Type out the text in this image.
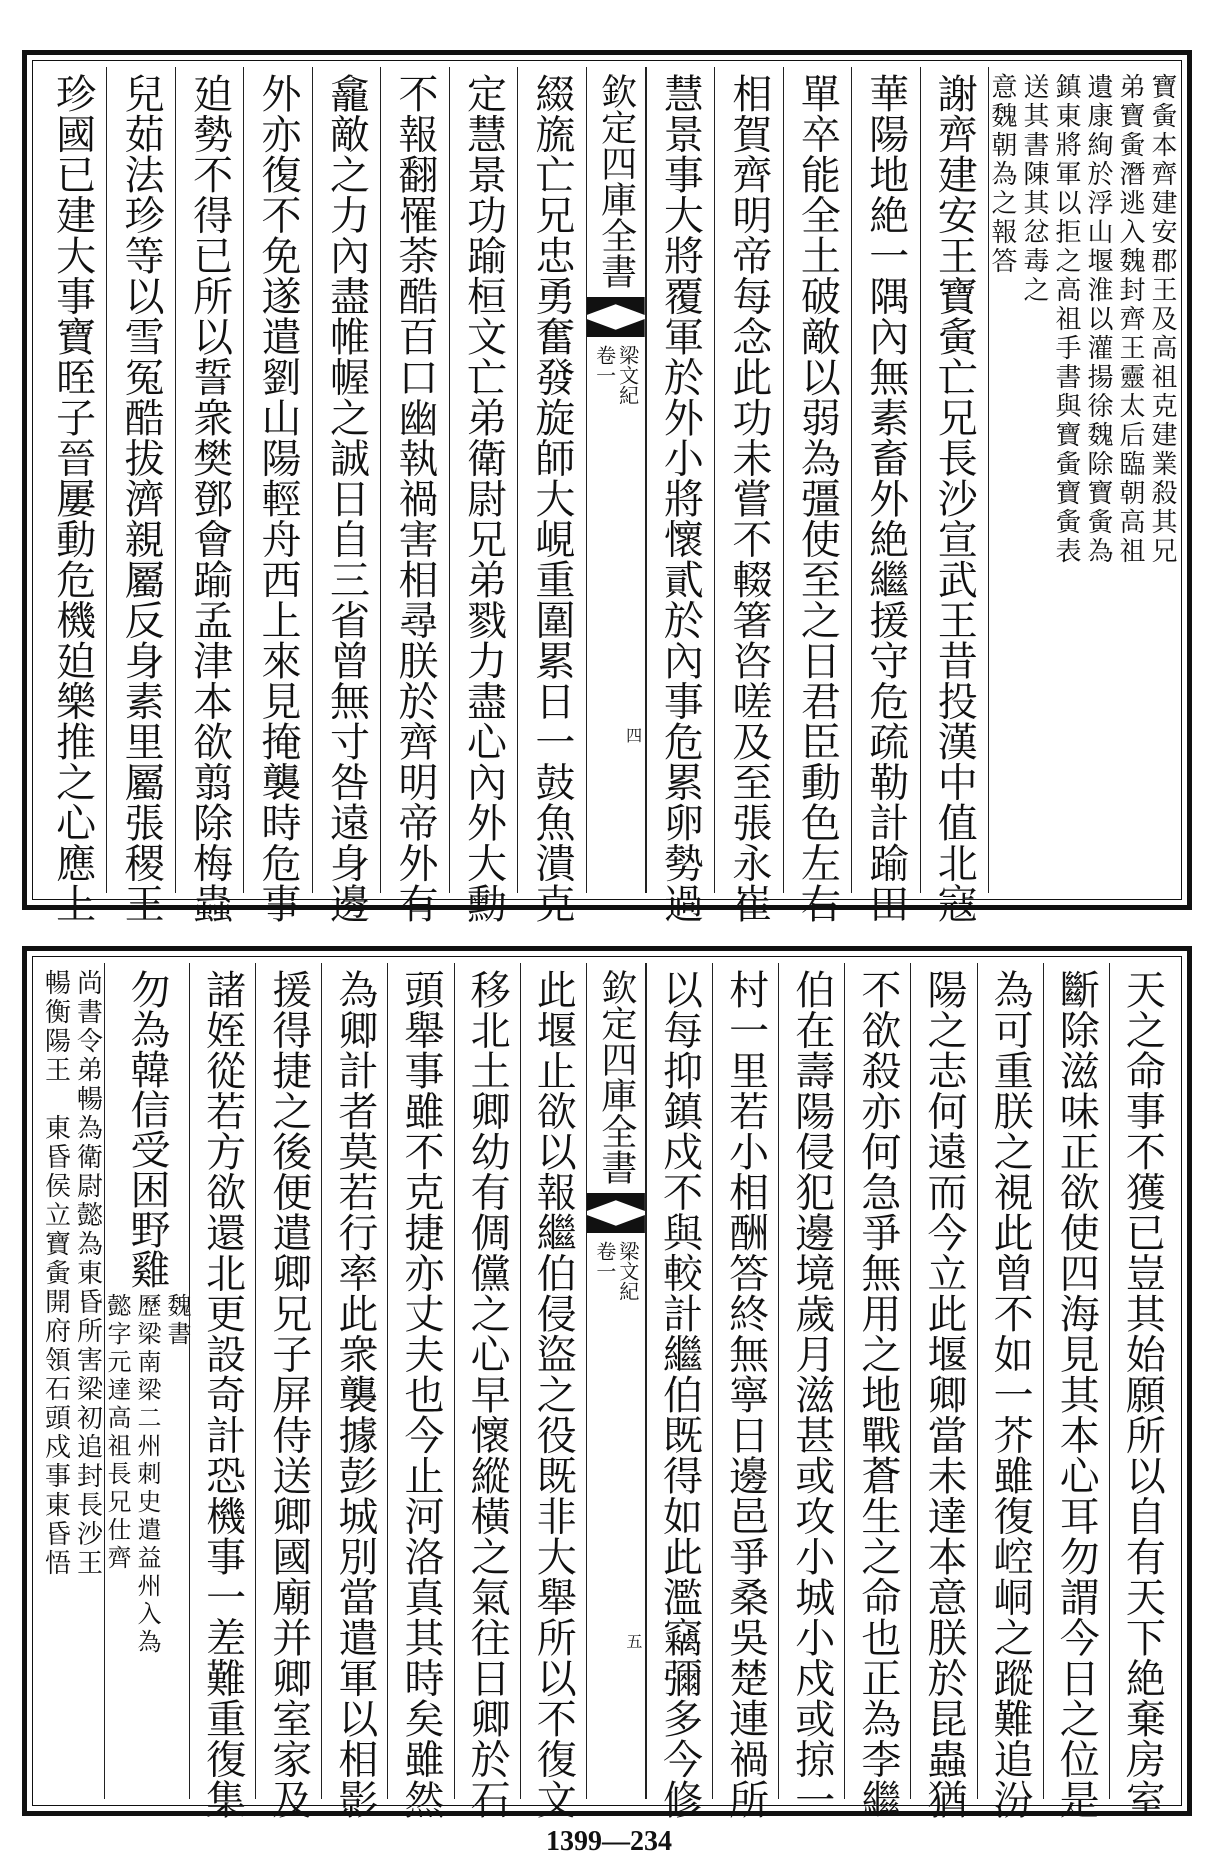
寶夤本齊建安郡王及高祖克建業殺其兄
弟寶夤潛逃入魏封齊王靈太后臨朝高祖
遺康絢於浮山堰淮以灌揚徐魏除寶夤為
鎮東將軍以拒之高祖手書與寶夤寶夤表
送其書陳其忿毒之
意魏朝為之報答
謝齊建安王寶夤亡兄長沙宣武王昔投漢中值北寇
華陽地絶一隅內無素畜外絶繼援守危疏勒計踰田
單卒能全土破敵以弱為彊使至之日君臣動色左右
相賀齊明帝每念此功未嘗不輟箸咨嗟及至張永崔
慧景事大將覆軍於外小將懷貳於內事危累卵勢過
欽定四庫全書
梁文紀
卷一
四
綴旒亡兄忠勇奮發旋師大峴重圍累日一鼓魚潰克
定慧景功踰桓文亡弟衛尉兄弟戮力盡心內外大勳
不報翻罹荼酷百口幽執禍害相尋朕於齊明帝外有
龕敵之力內盡帷幄之誠日自三省曾無寸咎遠身邊
外亦復不免遂遣劉山陽輕舟西上來見掩襲時危事
廹勢不得已所以誓衆樊鄧會踰孟津本欲翦除梅蟲
兒茹法珍等以雪冤酷拔濟親屬反身素里屬張稷王
珍國已建大事寶晊子晉屢動危機廹樂推之心應上
天之命事不獲已豈其始願所以自有天下絶棄房室
斷除滋味正欲使四海見其本心耳勿謂今日之位是
為可重朕之視此曾不如一芥雖復崆峒之蹤難追汾
陽之志何遠而今立此堰卿當未達本意朕於昆蟲猶
不欲殺亦何急爭無用之地戰蒼生之命也正為李繼
伯在壽陽侵犯邊境歲月滋甚或攻小城小戍或掠一
村一里若小相酬答終無寧日邊邑爭桑吳楚連禍所
以每抑鎮戍不與較計繼伯既得如此濫竊彌多今修
欽定四庫全書
梁文紀
卷一
五
此堰止欲以報繼伯侵盜之役既非大舉所以不復文
移北土卿幼有倜儻之心早懷縱橫之氣往日卿於石
頭舉事雖不克捷亦丈夫也今止河洛真其時矣雖然
為卿計者莫若行率此衆襲據彭城別當遣軍以相影
援得捷之後便遣卿兄子屏侍送卿國廟并卿室家及
諸姪從若方欲還北更設奇計恐機事一差難重復集
勿為韓信受困野雞
魏書
歷梁南梁二州刺史遣益州入為
懿字元達高祖長兄仕齊
尚書令弟暢為衛尉懿為東昏所害梁初追封長沙王
暢衡陽王　東昏侯立寶夤開府領石頭戍事東昏悟
1399—234
